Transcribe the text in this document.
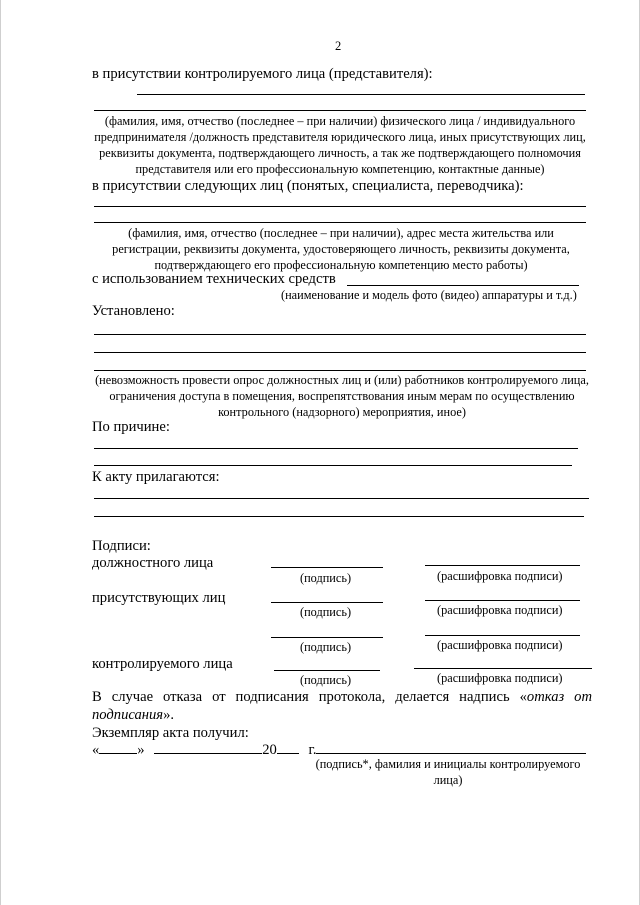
2
в присутствии контролируемого лица (представителя):
(фамилия, имя, отчество (последнее – при наличии) физического лица / индивидуального предпринимателя /должность представителя юридического лица, иных присутствующих лиц, реквизиты документа, подтверждающего личность, а так же подтверждающего полномочия представителя или его профессиональную компетенцию, контактные данные)
в присутствии следующих лиц (понятых, специалиста, переводчика):
(фамилия, имя, отчество (последнее – при наличии), адрес места жительства или регистрации, реквизиты документа, удостоверяющего личность, реквизиты документа, подтверждающего его профессиональную компетенцию место работы)
с использованием технических средств
(наименование и модель фото (видео) аппаратуры и т.д.)
Установлено:
(невозможность провести опрос должностных лиц и (или) работников контролируемого лица, ограничения доступа в помещения, воспрепятствования иным мерам по осуществлению контрольного (надзорного) мероприятия, иное)
По причине:
К акту прилагаются:
Подписи:
должностного лица
(подпись)	(расшифровка подписи)
присутствующих лиц
(подпись)	(расшифровка подписи)
(подпись)	(расшифровка подписи)
контролируемого лица
(подпись)	(расшифровка подписи)
В случае отказа от подписания протокола, делается надпись «отказ от
подписания».
Экземпляр акта получил:
«	»	20 г.
(подпись*, фамилия и инициалы контролируемого лица)
